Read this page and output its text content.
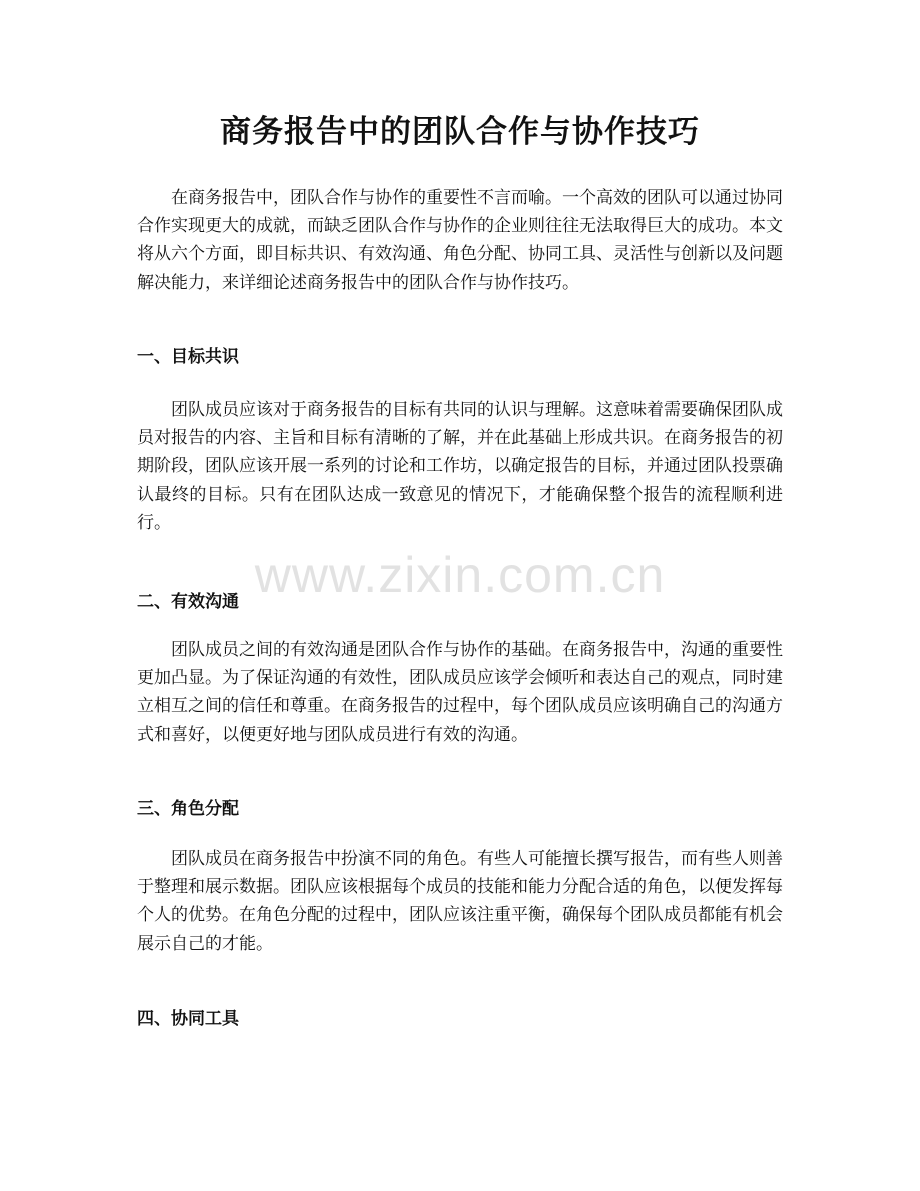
商务报告中的团队合作与协作技巧

在商务报告中，团队合作与协作的重要性不言而喻。一个高效的团队可以通过协同合作实现更大的成就，而缺乏团队合作与协作的企业则往往无法取得巨大的成功。本文将从六个方面，即目标共识、有效沟通、角色分配、协同工具、灵活性与创新以及问题解决能力，来详细论述商务报告中的团队合作与协作技巧。

一、目标共识

团队成员应该对于商务报告的目标有共同的认识与理解。这意味着需要确保团队成员对报告的内容、主旨和目标有清晰的了解，并在此基础上形成共识。在商务报告的初期阶段，团队应该开展一系列的讨论和工作坊，以确定报告的目标，并通过团队投票确认最终的目标。只有在团队达成一致意见的情况下，才能确保整个报告的流程顺利进行。

二、有效沟通

团队成员之间的有效沟通是团队合作与协作的基础。在商务报告中，沟通的重要性更加凸显。为了保证沟通的有效性，团队成员应该学会倾听和表达自己的观点，同时建立相互之间的信任和尊重。在商务报告的过程中，每个团队成员应该明确自己的沟通方式和喜好，以便更好地与团队成员进行有效的沟通。

三、角色分配

团队成员在商务报告中扮演不同的角色。有些人可能擅长撰写报告，而有些人则善于整理和展示数据。团队应该根据每个成员的技能和能力分配合适的角色，以便发挥每个人的优势。在角色分配的过程中，团队应该注重平衡，确保每个团队成员都能有机会展示自己的才能。

四、协同工具
www.zixin.com.cn
